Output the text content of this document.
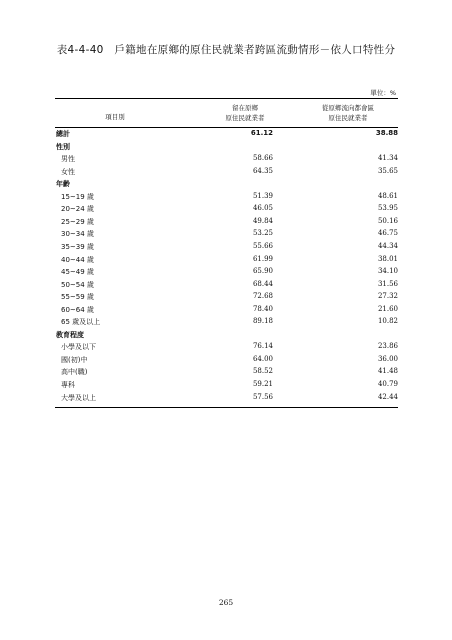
表4-4-40　戶籍地在原鄉的原住民就業者跨區流動情形－依人口特性分
單位：%
項目別
留在原鄉
原住民就業者
從原鄉流向都會區
原住民就業者
總計	61.12	38.88
性別
男性	58.66	41.34
女性	64.35	35.65
年齡
15~19 歲	51.39	48.61
20~24 歲	46.05	53.95
25~29 歲	49.84	50.16
30~34 歲	53.25	46.75
35~39 歲	55.66	44.34
40~44 歲	61.99	38.01
45~49 歲	65.90	34.10
50~54 歲	68.44	31.56
55~59 歲	72.68	27.32
60~64 歲	78.40	21.60
65 歲及以上	89.18	10.82
教育程度
小學及以下	76.14	23.86
國(初)中	64.00	36.00
高中(職)	58.52	41.48
專科	59.21	40.79
大學及以上	57.56	42.44
265
